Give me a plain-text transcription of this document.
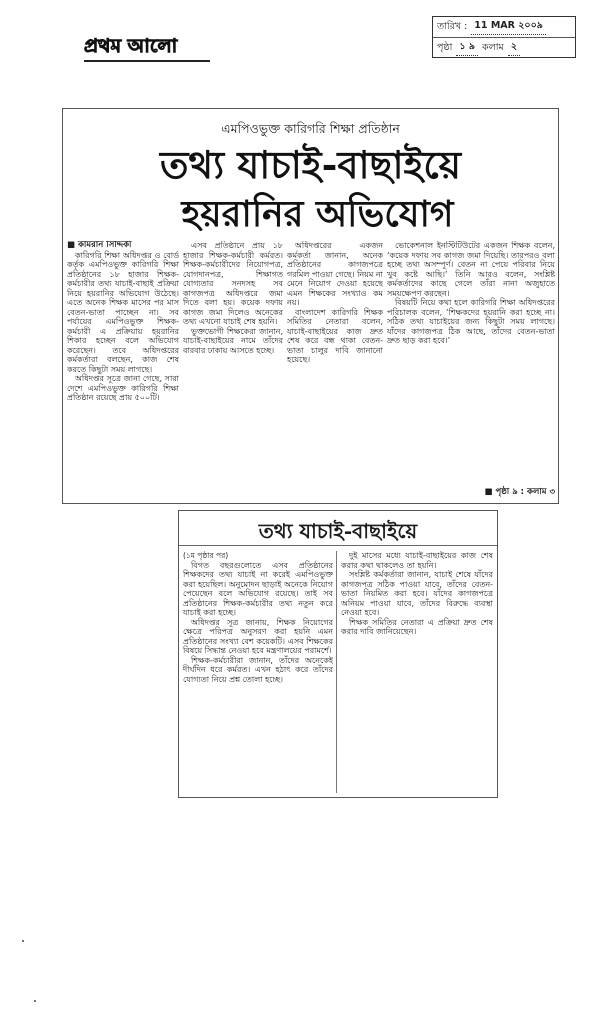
প্রথম আলো
তারিখ : 11 MAR ২০০৯
পৃষ্ঠা ১ ৯ কলাম ২
এমপিওভুক্ত কারিগরি শিক্ষা প্রতিষ্ঠান
তথ্য যাচাই-বাছাইয়ে
হয়রানির অভিযোগ

■ কামরান সিদ্দিকী

কারিগরি শিক্ষা অধিদপ্তর ও বোর্ড কর্তৃক এমপিওভুক্ত কারিগরি শিক্ষা প্রতিষ্ঠানের ১৮ হাজার শিক্ষক-কর্মচারীর তথ্য যাচাই-বাছাই প্রক্রিয়া নিয়ে হয়রানির অভিযোগ উঠেছে। এতে অনেক শিক্ষক মাসের পর মাস বেতন-ভাতা পাচ্ছেন না। সব পর্যায়ের এমপিওভুক্ত শিক্ষক-কর্মচারী এ প্রক্রিয়ায় হয়রানির শিকার হচ্ছেন বলে অভিযোগ করেছেন। তবে অধিদপ্তরের কর্মকর্তারা বলছেন, কাজ শেষ করতে কিছুটা সময় লাগছে।

অধিদপ্তর সূত্রে জানা গেছে, সারা দেশে এমপিওভুক্ত কারিগরি শিক্ষা প্রতিষ্ঠান রয়েছে প্রায় ৫০০টি।

এসব প্রতিষ্ঠানে প্রায় ১৮ হাজার শিক্ষক-কর্মচারী কর্মরত। শিক্ষক-কর্মচারীদের নিয়োগপত্র, যোগদানপত্র, শিক্ষাগত যোগ্যতার সনদসহ সব কাগজপত্র অধিদপ্তরে জমা দিতে বলা হয়। কয়েক দফায় কাগজ জমা দিলেও অনেকের তথ্য এখনো যাচাই শেষ হয়নি।

ভুক্তভোগী শিক্ষকেরা জানান, যাচাই-বাছাইয়ের নামে তাঁদের বারবার ঢাকায় আসতে হচ্ছে।

অধিদপ্তরের একজন কর্মকর্তা জানান, অনেক প্রতিষ্ঠানের কাগজপত্রে গরমিল পাওয়া গেছে। নিয়ম না মেনে নিয়োগ দেওয়া হয়েছে এমন শিক্ষকের সংখ্যাও কম নয়।

বাংলাদেশ কারিগরি শিক্ষক সমিতির নেতারা বলেন, যাচাই-বাছাইয়ের কাজ দ্রুত শেষ করে বন্ধ থাকা বেতন-ভাতা চালুর দাবি জানানো হয়েছে।

ভোকেশনাল ইনস্টিটিউটের একজন শিক্ষক বলেন, ‘কয়েক দফায় সব কাগজ জমা দিয়েছি। তারপরও বলা হচ্ছে তথ্য অসম্পূর্ণ। বেতন না পেয়ে পরিবার নিয়ে খুব কষ্টে আছি।’ তিনি আরও বলেন, সংশ্লিষ্ট কর্মকর্তাদের কাছে গেলে তাঁরা নানা অজুহাতে সময়ক্ষেপণ করছেন।

বিষয়টি নিয়ে কথা হলে কারিগরি শিক্ষা অধিদপ্তরের পরিচালক বলেন, ‘শিক্ষকদের হয়রানি করা হচ্ছে না। সঠিক তথ্য যাচাইয়ের জন্য কিছুটা সময় লাগছে। যাঁদের কাগজপত্র ঠিক আছে, তাঁদের বেতন-ভাতা দ্রুত ছাড় করা হবে।’

■ পৃষ্ঠা ৯ : কলাম ৩
তথ্য যাচাই-বাছাইয়ে

(১ম পৃষ্ঠার পর)

বিগত বছরগুলোতে এসব প্রতিষ্ঠানের শিক্ষকদের তথ্য যাচাই না করেই এমপিওভুক্ত করা হয়েছিল। অনুমোদন ছাড়াই অনেকে নিয়োগ পেয়েছেন বলে অভিযোগ রয়েছে। তাই সব প্রতিষ্ঠানের শিক্ষক-কর্মচারীর তথ্য নতুন করে যাচাই করা হচ্ছে।

অধিদপ্তর সূত্র জানায়, শিক্ষক নিয়োগের ক্ষেত্রে পরিপত্র অনুসরণ করা হয়নি এমন প্রতিষ্ঠানের সংখ্যা বেশ কয়েকটি। এসব শিক্ষকের বিষয়ে সিদ্ধান্ত নেওয়া হবে মন্ত্রণালয়ের পরামর্শে।

শিক্ষক-কর্মচারীরা জানান, তাঁদের অনেকেই দীর্ঘদিন ধরে কর্মরত। এখন হঠাৎ করে তাঁদের যোগ্যতা নিয়ে প্রশ্ন তোলা হচ্ছে।

দুই মাসের মধ্যে যাচাই-বাছাইয়ের কাজ শেষ করার কথা থাকলেও তা হয়নি।

সংশ্লিষ্ট কর্মকর্তারা জানান, যাচাই শেষে যাঁদের কাগজপত্র সঠিক পাওয়া যাবে, তাঁদের বেতন-ভাতা নিয়মিত করা হবে। যাঁদের কাগজপত্রে অনিয়ম পাওয়া যাবে, তাঁদের বিরুদ্ধে ব্যবস্থা নেওয়া হবে।

শিক্ষক সমিতির নেতারা এ প্রক্রিয়া দ্রুত শেষ করার দাবি জানিয়েছেন।
